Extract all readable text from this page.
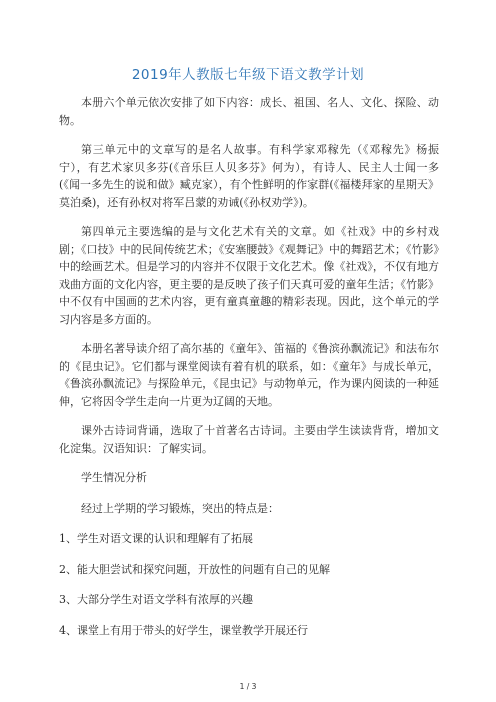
2019年人教版七年级下语文教学计划

本册六个单元依次安排了如下内容：成长、祖国、名人、文化、探险、动物。

第三单元中的文章写的是名人故事。有科学家邓稼先（《邓稼先》杨振宁），有艺术家贝多芬(《音乐巨人贝多芬》何为），有诗人、民主人士闻一多(《闻一多先生的说和做》臧克家），有个性鲜明的作家群(《福楼拜家的星期天》莫泊桑)，还有孙权对将军吕蒙的劝诫(《孙权劝学》)。

第四单元主要选编的是与文化艺术有关的文章。如《社戏》中的乡村戏剧；《口技》中的民间传统艺术；《安塞腰鼓》《观舞记》中的舞蹈艺术；《竹影》中的绘画艺术。但是学习的内容并不仅限于文化艺术。像《社戏》，不仅有地方戏曲方面的文化内容，更主要的是反映了孩子们天真可爱的童年生活；《竹影》中不仅有中国画的艺术内容，更有童真童趣的精彩表现。因此，这个单元的学习内容是多方面的。

本册名著导读介绍了高尔基的《童年》、笛福的《鲁滨孙飘流记》和法布尔的《昆虫记》。它们都与课堂阅读有着有机的联系，如：《童年》与成长单元，《鲁滨孙飘流记》与探险单元，《昆虫记》与动物单元，作为课内阅读的一种延伸，它将因令学生走向一片更为辽阔的天地。

课外古诗词背诵，选取了十首著名古诗词。主要由学生读读背背，增加文化淀集。汉语知识：了解实词。

学生情况分析

经过上学期的学习锻炼，突出的特点是：

1、学生对语文课的认识和理解有了拓展

2、能大胆尝试和探究问题，开放性的问题有自己的见解

3、大部分学生对语文学科有浓厚的兴趣

4、课堂上有用于带头的好学生，课堂教学开展还行

1 / 3
